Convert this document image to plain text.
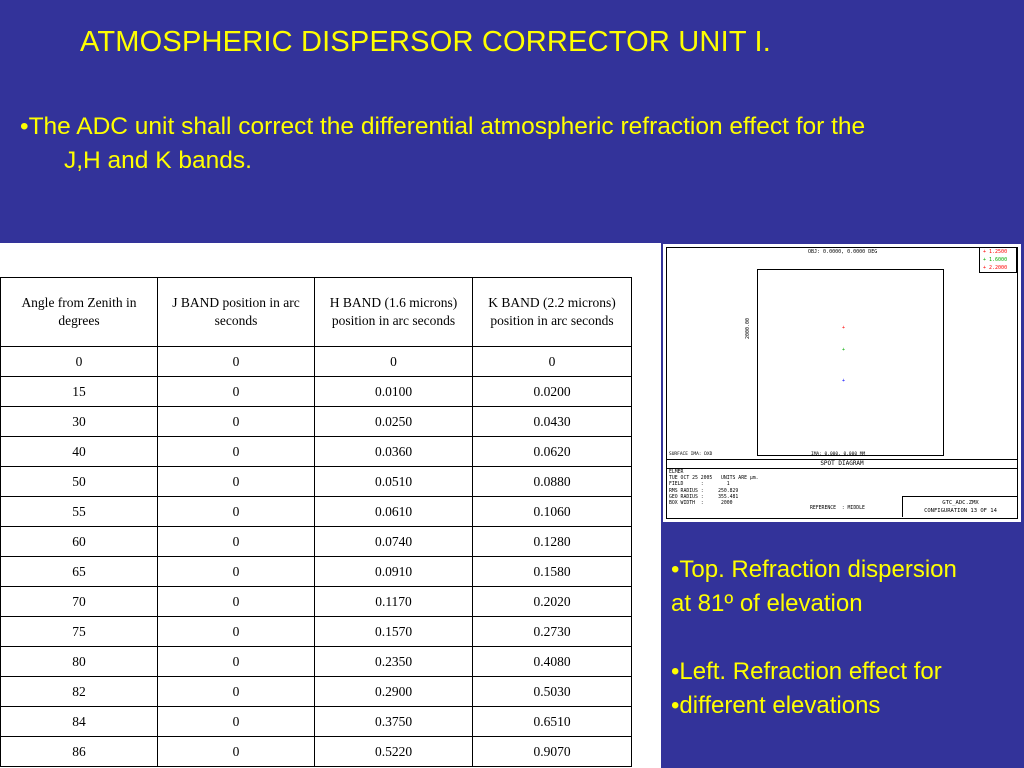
ATMOSPHERIC DISPERSOR CORRECTOR UNIT I.
•The ADC unit shall correct the differential atmospheric refraction effect for the
J,H and K bands.
Angle from Zenith in degrees	J BAND position in arc seconds	H BAND (1.6 microns) position in arc seconds	K BAND (2.2 microns) position in arc seconds
0	0	0	0
15	0	0.0100	0.0200
30	0	0.0250	0.0430
40	0	0.0360	0.0620
50	0	0.0510	0.0880
55	0	0.0610	0.1060
60	0	0.0740	0.1280
65	0	0.0910	0.1580
70	0	0.1170	0.2020
75	0	0.1570	0.2730
80	0	0.2350	0.4080
82	0	0.2900	0.5030
84	0	0.3750	0.6510
86	0	0.5220	0.9070
OBJ: 0.0000, 0.0000 DEG	+ 1.2500
+ 1.6000
+ 2.2000
+
+
+
2000.00
SURFACE IMA: DXD	IMA: 0.000, 0.000 MM
SPOT DIAGRAM
ELMER
TUE OCT 25 2005   UNITS ARE µm.
FIELD      :        1
RMS RADIUS :     250.829
GEO RADIUS :     355.481
BOX WIDTH  :      2000
REFERENCE  : MIDDLE
GTC_ADC.ZMX
CONFIGURATION 13 OF 14
•Top. Refraction dispersion
at 81º of elevation
•Left. Refraction effect for
•different elevations
